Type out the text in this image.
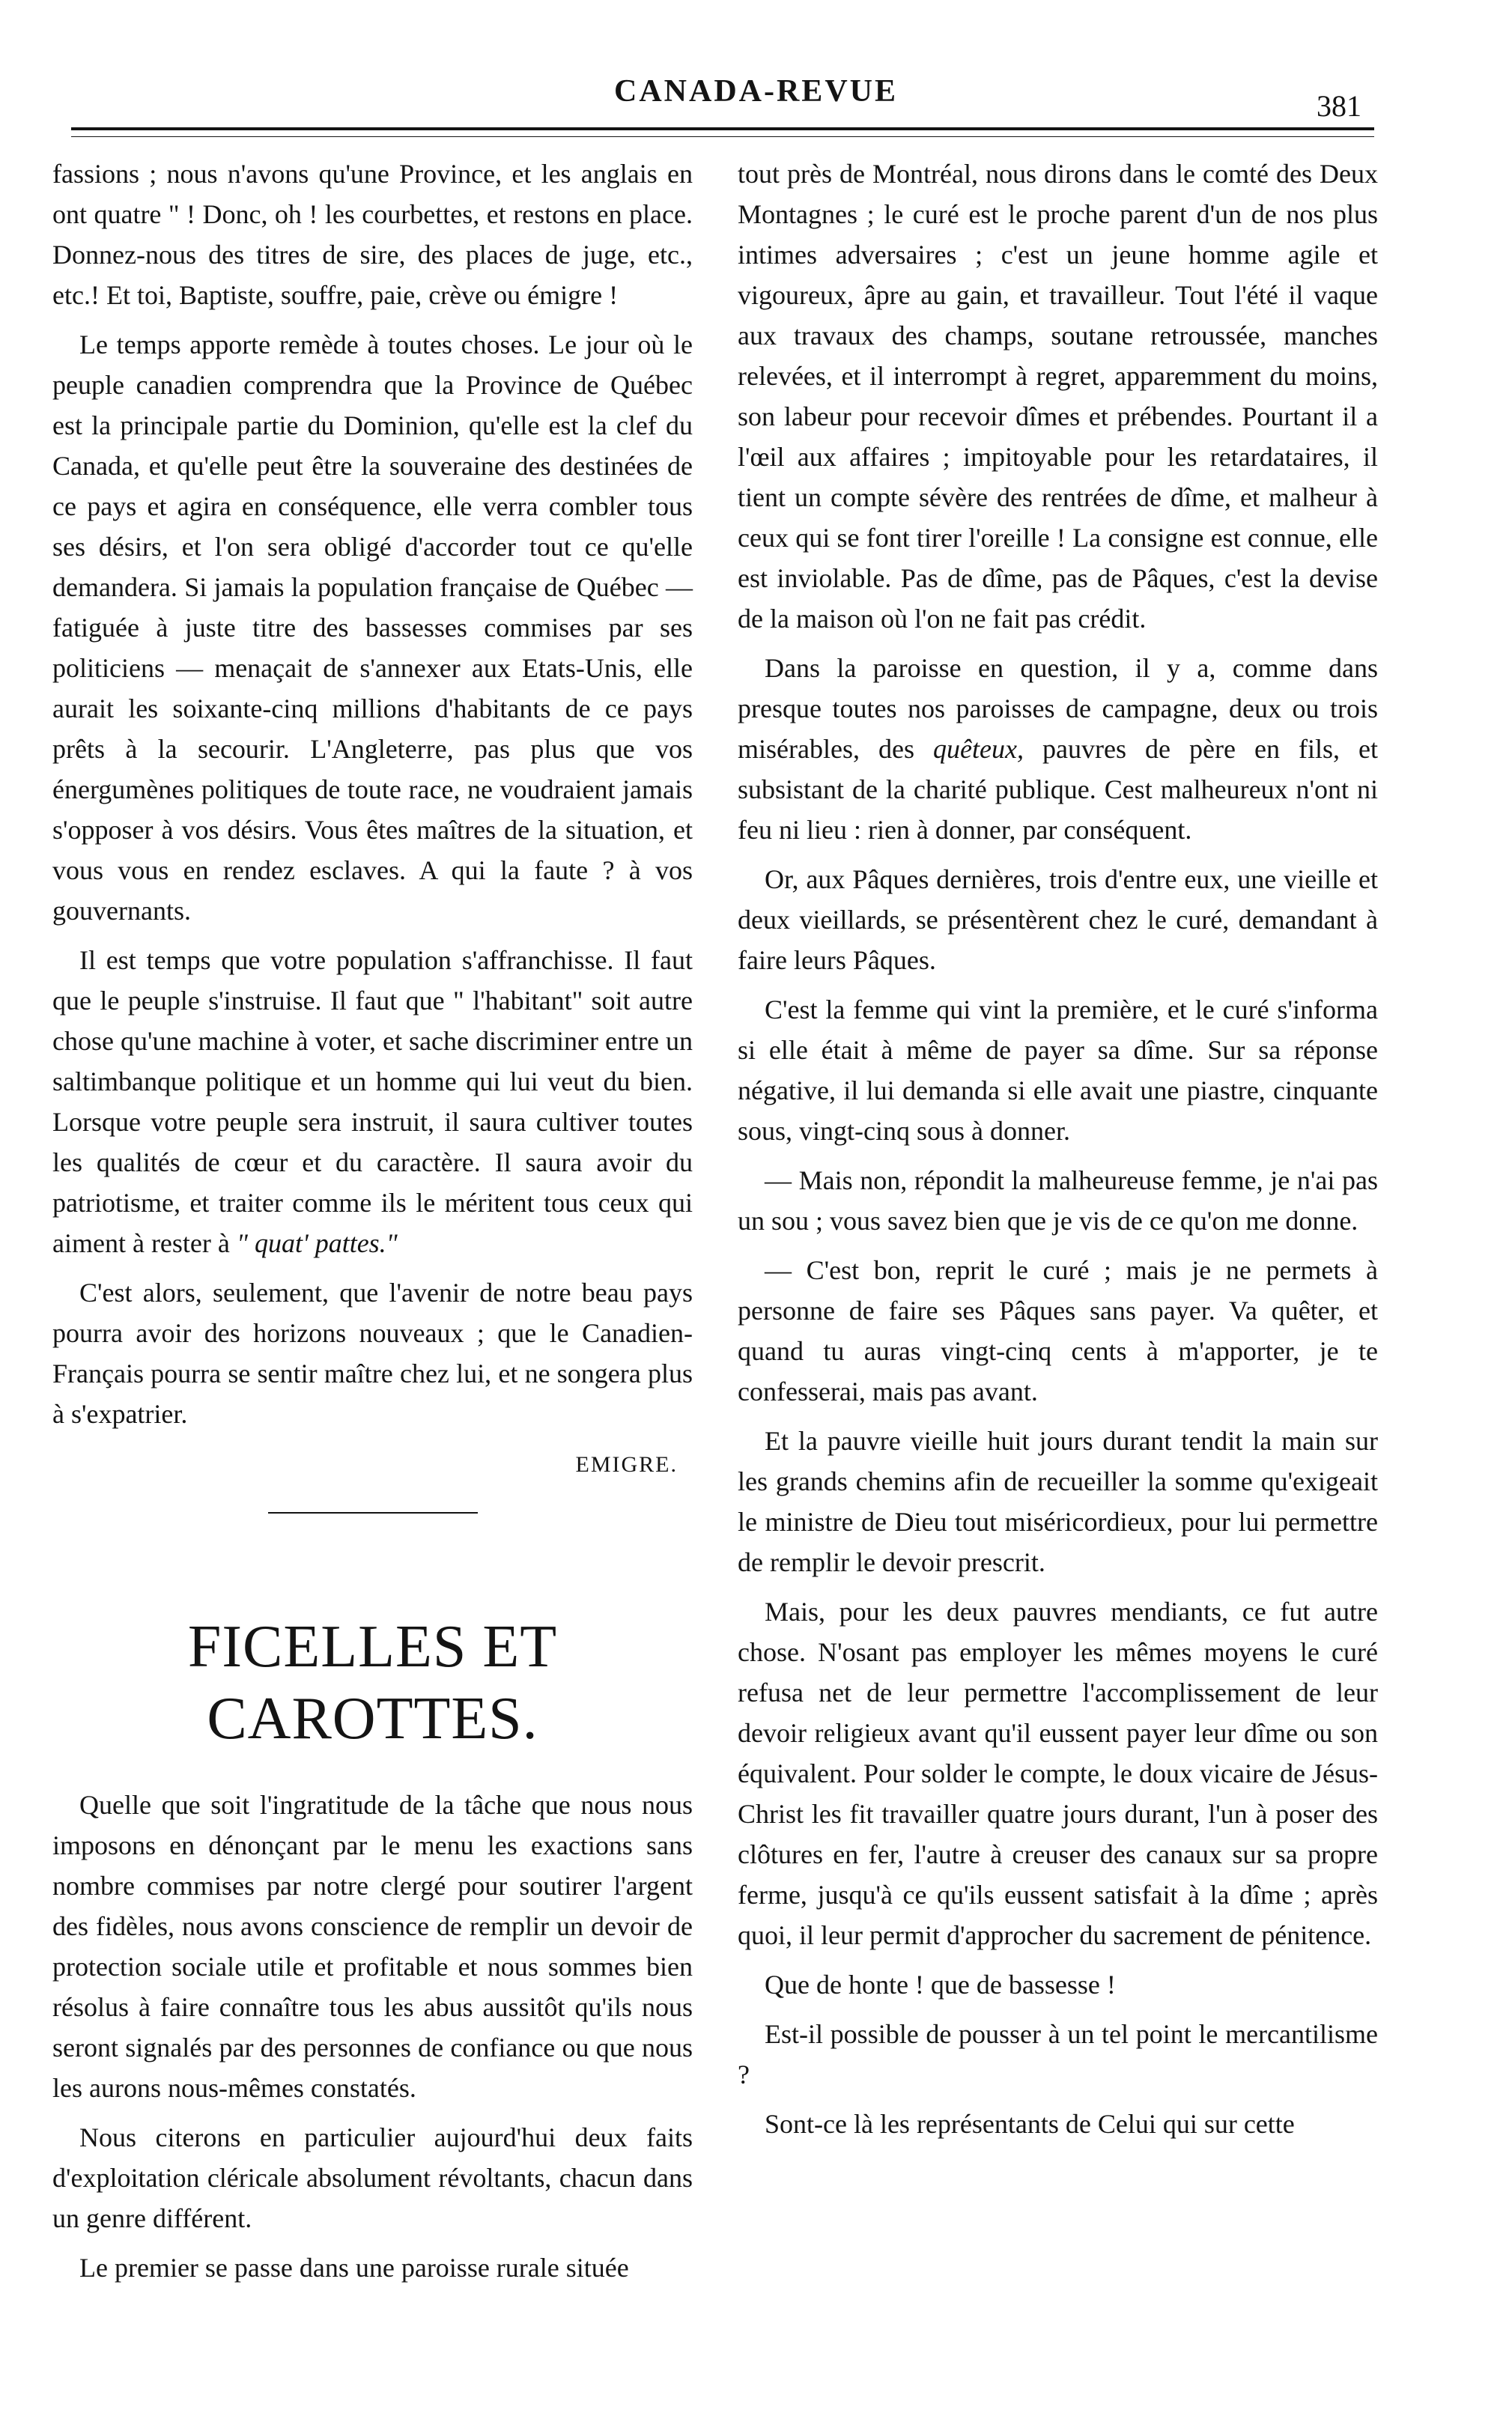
CANADA-REVUE	381

fassions ; nous n'avons qu'une Province, et les anglais en ont quatre " ! Donc, oh ! les courbettes, et restons en place. Donnez-nous des titres de sire, des places de juge, etc., etc.! Et toi, Baptiste, souffre, paie, crève ou émigre !

Le temps apporte remède à toutes choses. Le jour où le peuple canadien comprendra que la Province de Québec est la principale partie du Dominion, qu'elle est la clef du Canada, et qu'elle peut être la souveraine des destinées de ce pays et agira en conséquence, elle verra combler tous ses désirs, et l'on sera obligé d'accorder tout ce qu'elle demandera. Si jamais la population française de Québec — fatiguée à juste titre des bassesses commises par ses politiciens — menaçait de s'annexer aux Etats-Unis, elle aurait les soixante-cinq millions d'habitants de ce pays prêts à la secourir. L'Angleterre, pas plus que vos énergumènes politiques de toute race, ne voudraient jamais s'opposer à vos désirs. Vous êtes maîtres de la situation, et vous vous en rendez esclaves. A qui la faute ? à vos gouvernants.

Il est temps que votre population s'affranchisse. Il faut que le peuple s'instruise. Il faut que " l'habitant" soit autre chose qu'une machine à voter, et sache discriminer entre un saltimbanque politique et un homme qui lui veut du bien. Lorsque votre peuple sera instruit, il saura cultiver toutes les qualités de cœur et du caractère. Il saura avoir du patriotisme, et traiter comme ils le méritent tous ceux qui aiment à rester à " quat' pattes."

C'est alors, seulement, que l'avenir de notre beau pays pourra avoir des horizons nouveaux ; que le Canadien-Français pourra se sentir maître chez lui, et ne songera plus à s'expatrier.

EMIGRE.
FICELLES ET CAROTTES.

Quelle que soit l'ingratitude de la tâche que nous nous imposons en dénonçant par le menu les exactions sans nombre commises par notre clergé pour soutirer l'argent des fidèles, nous avons conscience de remplir un devoir de protection sociale utile et profitable et nous sommes bien résolus à faire connaître tous les abus aussitôt qu'ils nous seront signalés par des personnes de confiance ou que nous les aurons nous-mêmes constatés.

Nous citerons en particulier aujourd'hui deux faits d'exploitation cléricale absolument révoltants, chacun dans un genre différent.

Le premier se passe dans une paroisse rurale située

tout près de Montréal, nous dirons dans le comté des Deux Montagnes ; le curé est le proche parent d'un de nos plus intimes adversaires ; c'est un jeune homme agile et vigoureux, âpre au gain, et travailleur. Tout l'été il vaque aux travaux des champs, soutane retroussée, manches relevées, et il interrompt à regret, apparemment du moins, son labeur pour recevoir dîmes et prébendes. Pourtant il a l'œil aux affaires ; impitoyable pour les retardataires, il tient un compte sévère des rentrées de dîme, et malheur à ceux qui se font tirer l'oreille ! La consigne est connue, elle est inviolable. Pas de dîme, pas de Pâques, c'est la devise de la maison où l'on ne fait pas crédit.

Dans la paroisse en question, il y a, comme dans presque toutes nos paroisses de campagne, deux ou trois misérables, des quêteux, pauvres de père en fils, et subsistant de la charité publique. Cest malheureux n'ont ni feu ni lieu : rien à donner, par conséquent.

Or, aux Pâques dernières, trois d'entre eux, une vieille et deux vieillards, se présentèrent chez le curé, demandant à faire leurs Pâques.

C'est la femme qui vint la première, et le curé s'informa si elle était à même de payer sa dîme. Sur sa réponse négative, il lui demanda si elle avait une piastre, cinquante sous, vingt-cinq sous à donner.

— Mais non, répondit la malheureuse femme, je n'ai pas un sou ; vous savez bien que je vis de ce qu'on me donne.

— C'est bon, reprit le curé ; mais je ne permets à personne de faire ses Pâques sans payer. Va quêter, et quand tu auras vingt-cinq cents à m'apporter, je te confesserai, mais pas avant.

Et la pauvre vieille huit jours durant tendit la main sur les grands chemins afin de recueiller la somme qu'exigeait le ministre de Dieu tout miséricordieux, pour lui permettre de remplir le devoir prescrit.

Mais, pour les deux pauvres mendiants, ce fut autre chose. N'osant pas employer les mêmes moyens le curé refusa net de leur permettre l'accomplissement de leur devoir religieux avant qu'il eussent payer leur dîme ou son équivalent. Pour solder le compte, le doux vicaire de Jésus-Christ les fit travailler quatre jours durant, l'un à poser des clôtures en fer, l'autre à creuser des canaux sur sa propre ferme, jusqu'à ce qu'ils eussent satisfait à la dîme ; après quoi, il leur permit d'approcher du sacrement de pénitence.

Que de honte ! que de bassesse !

Est-il possible de pousser à un tel point le mercantilisme ?

Sont-ce là les représentants de Celui qui sur cette
